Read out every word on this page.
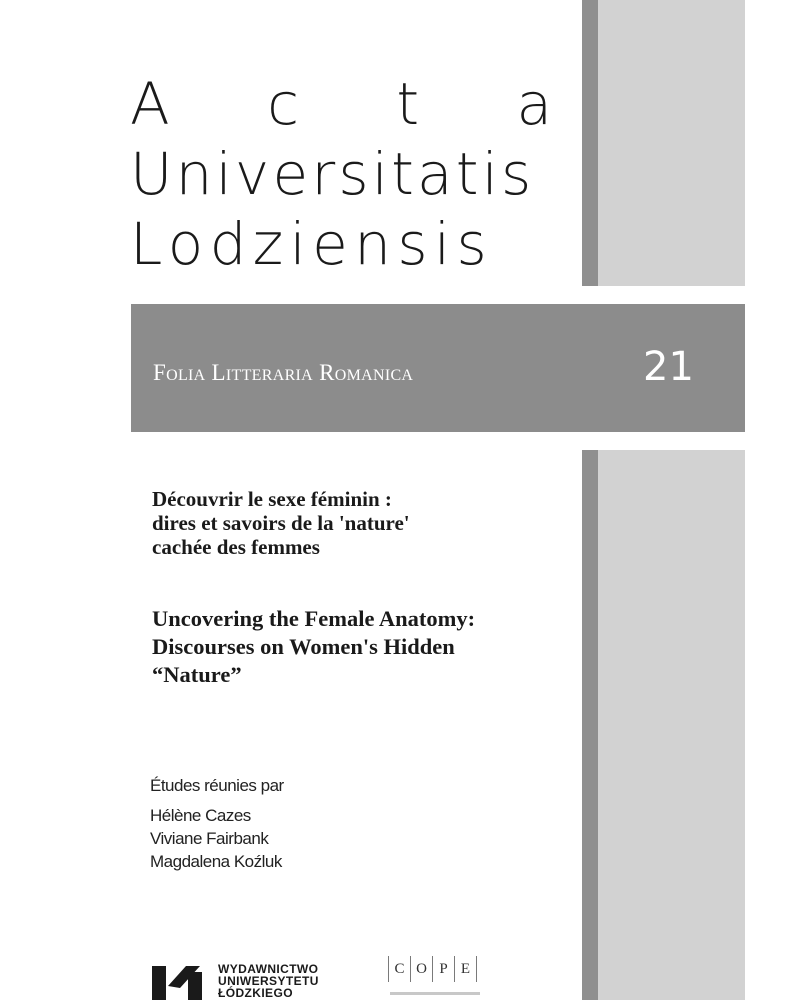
A c t a
Universitatis
Lodziensis
Folia Litteraria Romanica	21
Découvrir le sexe féminin :
dires et savoirs de la 'nature'
cachée des femmes
Uncovering the Female Anatomy:
Discourses on Women's Hidden
“Nature”
Études réunies par
Hélène Cazes
Viviane Fairbank
Magdalena Koźluk
WYDAWNICTWO
UNIWERSYTETU
ŁÓDZKIEGO
C O P E
